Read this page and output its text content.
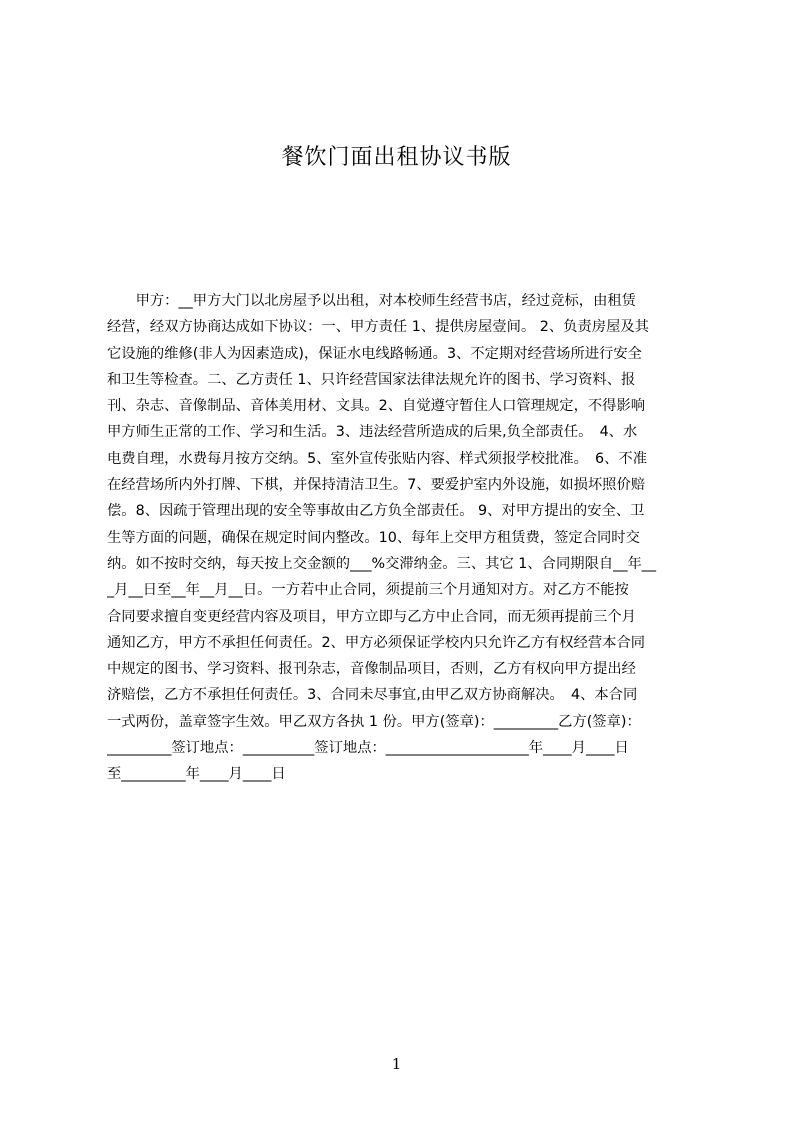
餐饮门面出租协议书版
　　甲方：__甲方大门以北房屋予以出租，对本校师生经营书店，经过竞标，由租赁
经营，经双方协商达成如下协议：一、甲方责任 1、提供房屋壹间。 2、负责房屋及其
它设施的维修(非人为因素造成)，保证水电线路畅通。3、不定期对经营场所进行安全
和卫生等检查。二、乙方责任 1、只许经营国家法律法规允许的图书、学习资料、报
刊、杂志、音像制品、音体美用材、文具。2、自觉遵守暂住人口管理规定，不得影响
甲方师生正常的工作、学习和生活。3、违法经营所造成的后果,负全部责任。　4、水
电费自理，水费每月按方交纳。5、室外宣传张贴内容、样式须报学校批准。　6、不准
在经营场所内外打牌、下棋，并保持清洁卫生。7、要爱护室内外设施，如损坏照价赔
偿。8、因疏于管理出现的安全等事故由乙方负全部责任。 9、对甲方提出的安全、卫
生等方面的问题，确保在规定时间内整改。10、每年上交甲方租赁费，签定合同时交
纳。如不按时交纳，每天按上交金额的___%交滞纳金。三、其它 1、合同期限自__年__
_月__日至__年__月__日。一方若中止合同，须提前三个月通知对方。对乙方不能按
合同要求擅自变更经营内容及项目，甲方立即与乙方中止合同，而无须再提前三个月
通知乙方，甲方不承担任何责任。2、甲方必须保证学校内只允许乙方有权经营本合同
中规定的图书、学习资料、报刊杂志，音像制品项目，否则，乙方有权向甲方提出经
济赔偿，乙方不承担任何责任。3、合同未尽事宜,由甲乙双方协商解决。　4、本合同
一式两份，盖章签字生效。甲乙双方各执 1 份。甲方(签章)：_________乙方(签章)：
_________签订地点：__________签订地点：____________________年____月____日
至_________年____月____日
1
